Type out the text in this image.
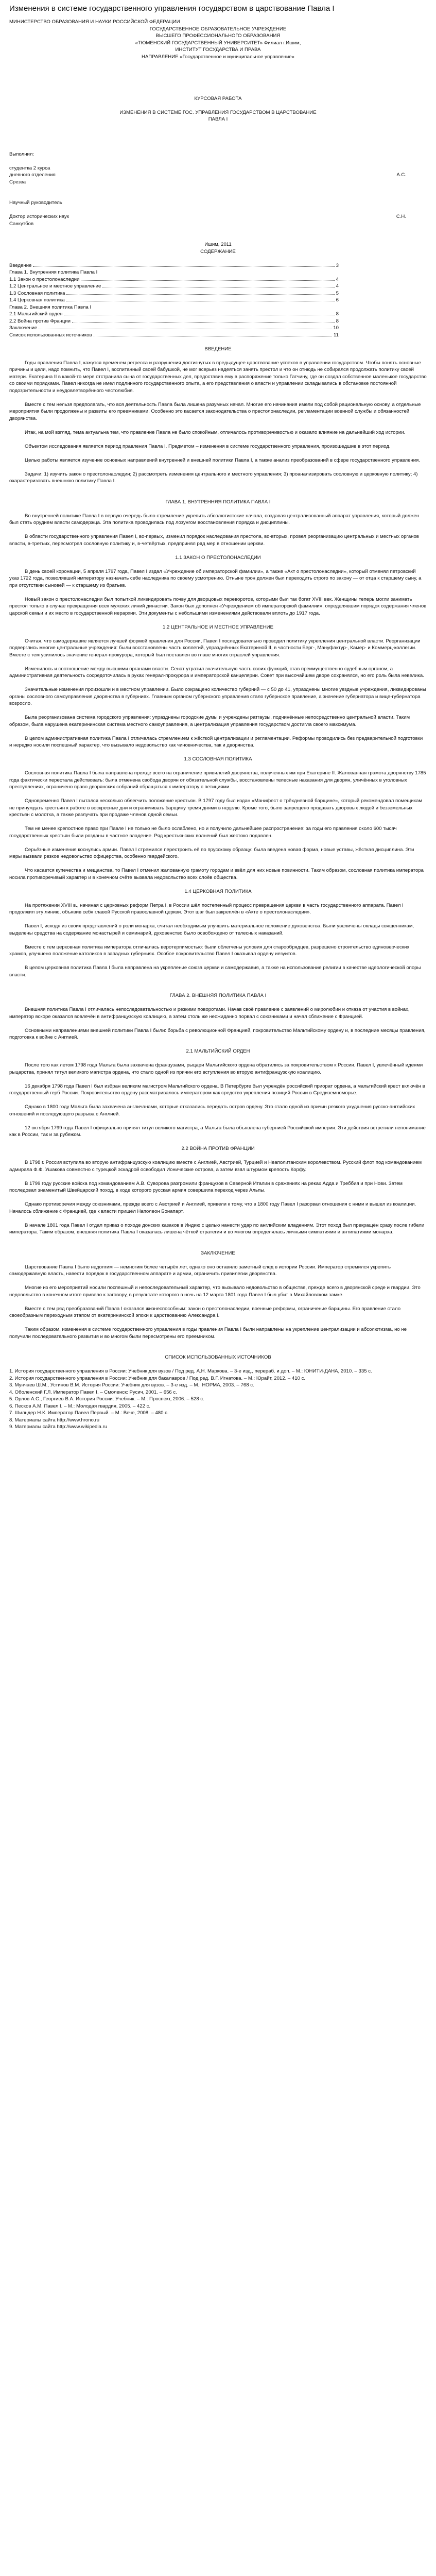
Изменения в системе государственного управления государством в царствование Павла I

МИНИСТЕРСТВО ОБРАЗОВАНИЯ И НАУКИ РОССИЙСКОЙ ФЕДЕРАЦИИ

ГОСУДАРСТВЕННОЕ ОБРАЗОВАТЕЛЬНОЕ УЧРЕЖДЕНИЕ

ВЫСШЕГО ПРОФЕССИОНАЛЬНОГО ОБРАЗОВАНИЯ

«ТЮМЕНСКИЙ ГОСУДАРСТВЕННЫЙ УНИВЕРСИТЕТ» Филиал г.Ишим,

ИНСТИТУТ ГОСУДАРСТВА И ПРАВА

НАПРАВЛЕНИЕ «Государственное и муниципальное управление»

КУРСОВАЯ РАБОТА

ИЗМЕНЕНИЯ В СИСТЕМЕ ГОС. УПРАВЛЕНИЯ ГОСУДАРСТВОМ В ЦАРСТВОВАНИЕ

ПАВЛА I

Выполнил:

студентка 2 курса

дневного отделения	А.С.

Срезва

Научный руководитель

Доктор исторических наук	С.Н.

Санкутбов

Ишим, 2011

СОДЕРЖАНИЕ

Введение	3
Глава 1. Внутренняя политика Павла I
1.1 Закон о престолонаследии	4
1.2 Центральное и местное управление	4
1.3 Сословная политика	5
1.4 Церковная политика	6
Глава 2. Внешняя политика Павла I
2.1 Мальтийский орден	8
2.2 Война против Франции	8
Заключение	10
Список использованных источников	11

ВВЕДЕНИЕ

Годы правления Павла I, кажутся временем регресса и разрушения достигнутых в предыдущее царствование успехов в управлении государством. Чтобы понять основные причины и цели, надо помнить, что Павел I, воспитанный своей бабушкой, не мог всерьез надеяться занять престол и что он отнюдь не собирался продолжать политику своей матери. Екатерина II в какой-то мере отстранила сына от государственных дел, предоставив ему в распоряжение только Гатчину, где он создал собственное маленькое государство со своими порядками. Павел никогда не имел подлинного государственного опыта, а его представления о власти и управлении складывались в обстановке постоянной подозрительности и неудовлетворённого честолюбия.

Вместе с тем нельзя предполагать, что вся деятельность Павла была лишена разумных начал. Многие его начинания имели под собой рациональную основу, а отдельные мероприятия были продолжены и развиты его преемниками. Особенно это касается законодательства о престолонаследии, регламентации военной службы и обязанностей дворянства.

Итак, на мой взгляд, тема актуальна тем, что правление Павла не было спокойным, отличалось противоречивостью и оказало влияние на дальнейший ход истории.

Объектом исследования является период правления Павла I. Предметом – изменения в системе государственного управления, произошедшие в этот период.

Целью работы является изучение основных направлений внутренней и внешней политики Павла I, а также анализ преобразований в сфере государственного управления.

Задачи: 1) изучить закон о престолонаследии; 2) рассмотреть изменения центрального и местного управления; 3) проанализировать сословную и церковную политику; 4) охарактеризовать внешнюю политику Павла I.

ГЛАВА 1. ВНУТРЕННЯЯ ПОЛИТИКА ПАВЛА I

Во внутренней политике Павла I в первую очередь было стремление укрепить абсолютистские начала, создавая централизованный аппарат управления, который должен был стать орудием власти самодержца. Эта политика проводилась под лозунгом восстановления порядка и дисциплины.

В области государственного управления Павел I, во-первых, изменил порядок наследования престола, во-вторых, провел реорганизацию центральных и местных органов власти, в-третьих, пересмотрел сословную политику и, в-четвёртых, предпринял ряд мер в отношении церкви.

1.1 ЗАКОН О ПРЕСТОЛОНАСЛЕДИИ

В день своей коронации, 5 апреля 1797 года, Павел I издал «Учреждение об императорской фамилии», а также «Акт о престолонаследии», который отменял петровский указ 1722 года, позволявший императору назначать себе наследника по своему усмотрению. Отныне трон должен был переходить строго по закону — от отца к старшему сыну, а при отсутствии сыновей — к старшему из братьев.

Новый закон о престолонаследии был попыткой ликвидировать почву для дворцовых переворотов, которыми был так богат XVIII век. Женщины теперь могли занимать престол только в случае прекращения всех мужских линий династии. Закон был дополнен «Учреждением об императорской фамилии», определявшим порядок содержания членов царской семьи и их место в государственной иерархии. Эти документы с небольшими изменениями действовали вплоть до 1917 года.

1.2 ЦЕНТРАЛЬНОЕ И МЕСТНОЕ УПРАВЛЕНИЕ

Считая, что самодержавие является лучшей формой правления для России, Павел I последовательно проводил политику укрепления центральной власти. Реорганизации подверглись многие центральные учреждения: были восстановлены часть коллегий, упразднённых Екатериной II, в частности Берг-, Мануфактур-, Камер- и Коммерц-коллегии. Вместе с тем усилилось значение генерал-прокурора, который был поставлен во главе многих отраслей управления.

Изменилось и соотношение между высшими органами власти. Сенат утратил значительную часть своих функций, став преимущественно судебным органом, а административная деятельность сосредоточилась в руках генерал-прокурора и императорской канцелярии. Совет при высочайшем дворе сохранялся, но его роль была невелика.

Значительные изменения произошли и в местном управлении. Было сокращено количество губерний — с 50 до 41, упразднены многие уездные учреждения, ликвидированы органы сословного самоуправления дворянства в губерниях. Главным органом губернского управления стало губернское правление, а значение губернатора и вице-губернатора возросло.

Была реорганизована система городского управления: упразднены городские думы и учреждены ратгаузы, подчинённые непосредственно центральной власти. Таким образом, была нарушена екатерининская система местного самоуправления, а централизация управления государством достигла своего максимума.

В целом административная политика Павла I отличалась стремлением к жёсткой централизации и регламентации. Реформы проводились без предварительной подготовки и нередко носили поспешный характер, что вызывало недовольство как чиновничества, так и дворянства.

1.3 СОСЛОВНАЯ ПОЛИТИКА

Сословная политика Павла I была направлена прежде всего на ограничение привилегий дворянства, полученных им при Екатерине II. Жалованная грамота дворянству 1785 года фактически перестала действовать: была отменена свобода дворян от обязательной службы, восстановлены телесные наказания для дворян, уличённых в уголовных преступлениях, ограничено право дворянских собраний обращаться к императору с петициями.

Одновременно Павел I пытался несколько облегчить положение крестьян. В 1797 году был издан «Манифест о трёхдневной барщине», который рекомендовал помещикам не принуждать крестьян к работе в воскресные дни и ограничивать барщину тремя днями в неделю. Кроме того, было запрещено продавать дворовых людей и безземельных крестьян с молотка, а также разлучать при продаже членов одной семьи.

Тем не менее крепостное право при Павле I не только не было ослаблено, но и получило дальнейшее распространение: за годы его правления около 600 тысяч государственных крестьян были розданы в частное владение. Ряд крестьянских волнений был жестоко подавлен.

Серьёзные изменения коснулись армии. Павел I стремился перестроить её по прусскому образцу: была введена новая форма, новые уставы, жёсткая дисциплина. Эти меры вызвали резкое недовольство офицерства, особенно гвардейского.

Что касается купечества и мещанства, то Павел I отменил жалованную грамоту городам и ввёл для них новые повинности. Таким образом, сословная политика императора носила противоречивый характер и в конечном счёте вызвала недовольство всех слоёв общества.

1.4 ЦЕРКОВНАЯ ПОЛИТИКА

На протяжении XVIII в., начиная с церковных реформ Петра I, в России шёл постепенный процесс превращения церкви в часть государственного аппарата. Павел I продолжил эту линию, объявив себя главой Русской православной церкви. Этот шаг был закреплён в «Акте о престолонаследии».

Павел I, исходя из своих представлений о роли монарха, считал необходимым улучшить материальное положение духовенства. Были увеличены оклады священникам, выделены средства на содержание монастырей и семинарий, духовенство было освобождено от телесных наказаний.

Вместе с тем церковная политика императора отличалась веротерпимостью: были облегчены условия для старообрядцев, разрешено строительство единоверческих храмов, улучшено положение католиков в западных губерниях. Особое покровительство Павел I оказывал ордену иезуитов.

В целом церковная политика Павла I была направлена на укрепление союза церкви и самодержавия, а также на использование религии в качестве идеологической опоры власти.

ГЛАВА 2. ВНЕШНЯЯ ПОЛИТИКА ПАВЛА I

Внешняя политика Павла I отличалась непоследовательностью и резкими поворотами. Начав своё правление с заявлений о миролюбии и отказа от участия в войнах, император вскоре оказался вовлечён в антифранцузскую коалицию, а затем столь же неожиданно порвал с союзниками и начал сближение с Францией.

Основными направлениями внешней политики Павла I были: борьба с революционной Францией, покровительство Мальтийскому ордену и, в последние месяцы правления, подготовка к войне с Англией.

2.1 МАЛЬТИЙСКИЙ ОРДЕН

После того как летом 1798 года Мальта была захвачена французами, рыцари Мальтийского ордена обратились за покровительством к России. Павел I, увлечённый идеями рыцарства, принял титул великого магистра ордена, что стало одной из причин его вступления во вторую антифранцузскую коалицию.

16 декабря 1798 года Павел I был избран великим магистром Мальтийского ордена. В Петербурге был учреждён российский приорат ордена, а мальтийский крест включён в государственный герб России. Покровительство ордену рассматривалось императором как средство укрепления позиций России в Средиземноморье.

Однако в 1800 году Мальта была захвачена англичанами, которые отказались передать остров ордену. Это стало одной из причин резкого ухудшения русско-английских отношений и последующего разрыва с Англией.

12 октября 1799 года Павел I официально принял титул великого магистра, а Мальта была объявлена губернией Российской империи. Эти действия встретили непонимание как в России, так и за рубежом.

2.2 ВОЙНА ПРОТИВ ФРАНЦИИ

В 1798 г. Россия вступила во вторую антифранцузскую коалицию вместе с Англией, Австрией, Турцией и Неаполитанским королевством. Русский флот под командованием адмирала Ф.Ф. Ушакова совместно с турецкой эскадрой освободил Ионические острова, а затем взял штурмом крепость Корфу.

В 1799 году русские войска под командованием А.В. Суворова разгромили французов в Северной Италии в сражениях на реках Адда и Треббия и при Нови. Затем последовал знаменитый Швейцарский поход, в ходе которого русская армия совершила переход через Альпы.

Однако противоречия между союзниками, прежде всего с Австрией и Англией, привели к тому, что в 1800 году Павел I разорвал отношения с ними и вышел из коалиции. Началось сближение с Францией, где к власти пришёл Наполеон Бонапарт.

В начале 1801 года Павел I отдал приказ о походе донских казаков в Индию с целью нанести удар по английским владениям. Этот поход был прекращён сразу после гибели императора. Таким образом, внешняя политика Павла I оказалась лишена чёткой стратегии и во многом определялась личными симпатиями и антипатиями монарха.

ЗАКЛЮЧЕНИЕ

Царствование Павла I было недолгим — немногим более четырёх лет, однако оно оставило заметный след в истории России. Император стремился укрепить самодержавную власть, навести порядок в государственном аппарате и армии, ограничить привилегии дворянства.

Многие из его мероприятий носили поспешный и непоследовательный характер, что вызывало недовольство в обществе, прежде всего в дворянской среде и гвардии. Это недовольство в конечном итоге привело к заговору, в результате которого в ночь на 12 марта 1801 года Павел I был убит в Михайловском замке.

Вместе с тем ряд преобразований Павла I оказался жизнеспособным: закон о престолонаследии, военные реформы, ограничение барщины. Его правление стало своеобразным переходным этапом от екатерининской эпохи к царствованию Александра I.

Таким образом, изменения в системе государственного управления в годы правления Павла I были направлены на укрепление централизации и абсолютизма, но не получили последовательного развития и во многом были пересмотрены его преемником.

СПИСОК ИСПОЛЬЗОВАННЫХ ИСТОЧНИКОВ

1. История государственного управления в России: Учебник для вузов / Под ред. А.Н. Маркова. – 3-е изд., перераб. и доп. – М.: ЮНИТИ-ДАНА, 2010. – 335 с.

2. История государственного управления в России: Учебник для бакалавров / Под ред. В.Г. Игнатова. – М.: Юрайт, 2012. – 410 с.

3. Мунчаев Ш.М., Устинов В.М. История России: Учебник для вузов. – 3-е изд. – М.: НОРМА, 2003. – 768 с.

4. Оболенский Г.Л. Император Павел I. – Смоленск: Русич, 2001. – 656 с.

5. Орлов А.С., Георгиев В.А. История России: Учебник. – М.: Проспект, 2006. – 528 с.

6. Песков А.М. Павел I. – М.: Молодая гвардия, 2005. – 422 с.

7. Шильдер Н.К. Император Павел Первый. – М.: Вече, 2008. – 480 с.

8. Материалы сайта http://www.hrono.ru

9. Материалы сайта http://www.wikipedia.ru
